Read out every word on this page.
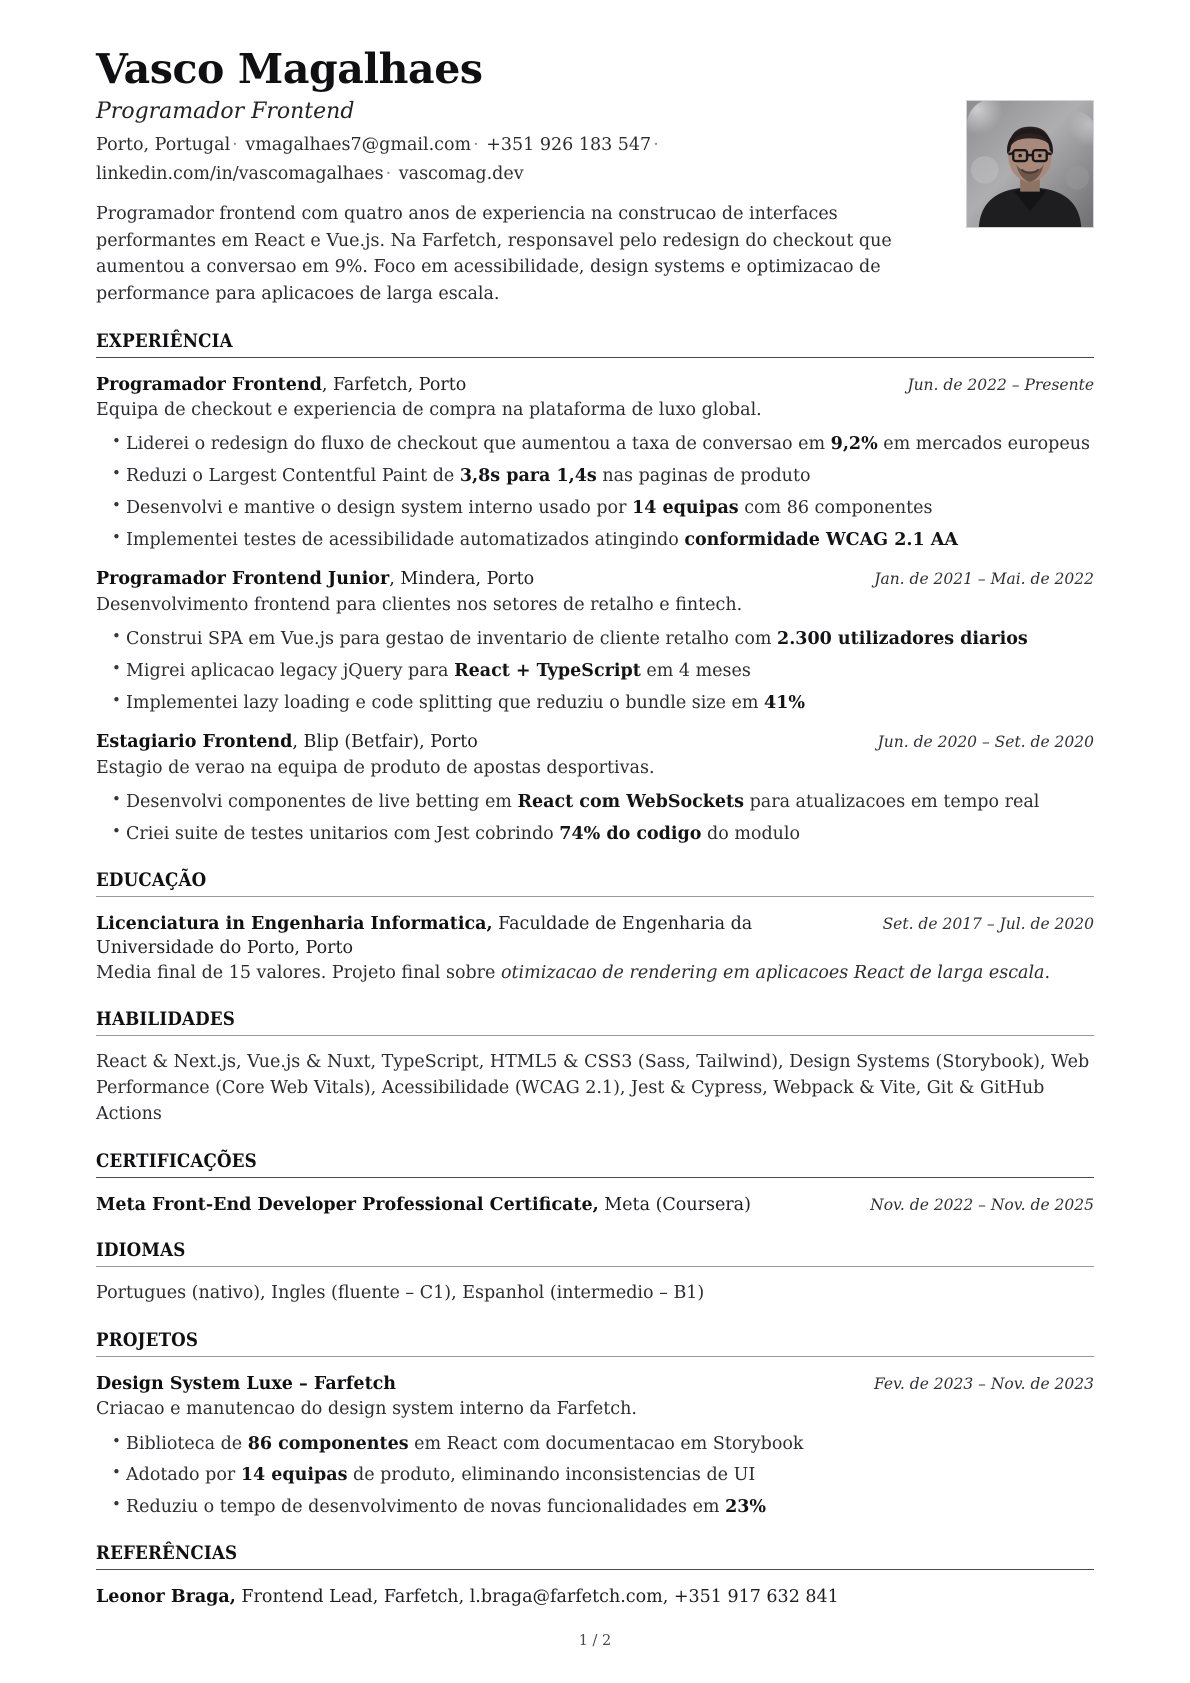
Vasco Magalhaes
Programador Frontend
Porto, Portugal · vmagalhaes7@gmail.com · +351 926 183 547 · linkedin.com/in/vascomagalhaes · vascomag.dev
Programador frontend com quatro anos de experiencia na construcao de interfaces performantes em React e Vue.js. Na Farfetch, responsavel pelo redesign do checkout que aumentou a conversao em 9%. Foco em acessibilidade, design systems e optimizacao de performance para aplicacoes de larga escala.
EXPERIÊNCIA
Programador Frontend, Farfetch, Porto	Jun. de 2022 – Presente
Equipa de checkout e experiencia de compra na plataforma de luxo global.
• Liderei o redesign do fluxo de checkout que aumentou a taxa de conversao em 9,2% em mercados europeus
• Reduzi o Largest Contentful Paint de 3,8s para 1,4s nas paginas de produto
• Desenvolvi e mantive o design system interno usado por 14 equipas com 86 componentes
• Implementei testes de acessibilidade automatizados atingindo conformidade WCAG 2.1 AA
Programador Frontend Junior, Mindera, Porto	Jan. de 2021 – Mai. de 2022
Desenvolvimento frontend para clientes nos setores de retalho e fintech.
• Construi SPA em Vue.js para gestao de inventario de cliente retalho com 2.300 utilizadores diarios
• Migrei aplicacao legacy jQuery para React + TypeScript em 4 meses
• Implementei lazy loading e code splitting que reduziu o bundle size em 41%
Estagiario Frontend, Blip (Betfair), Porto	Jun. de 2020 – Set. de 2020
Estagio de verao na equipa de produto de apostas desportivas.
• Desenvolvi componentes de live betting em React com WebSockets para atualizacoes em tempo real
• Criei suite de testes unitarios com Jest cobrindo 74% do codigo do modulo
EDUCAÇÃO
Licenciatura in Engenharia Informatica, Faculdade de Engenharia da Universidade do Porto, Porto
Set. de 2017 – Jul. de 2020
Media final de 15 valores. Projeto final sobre otimizacao de rendering em aplicacoes React de larga escala.
HABILIDADES
React & Next.js, Vue.js & Nuxt, TypeScript, HTML5 & CSS3 (Sass, Tailwind), Design Systems (Storybook), Web Performance (Core Web Vitals), Acessibilidade (WCAG 2.1), Jest & Cypress, Webpack & Vite, Git & GitHub Actions
CERTIFICAÇÕES
Meta Front-End Developer Professional Certificate, Meta (Coursera)	Nov. de 2022 – Nov. de 2025
IDIOMAS
Portugues (nativo), Ingles (fluente – C1), Espanhol (intermedio – B1)
PROJETOS
Design System Luxe – Farfetch	Fev. de 2023 – Nov. de 2023
Criacao e manutencao do design system interno da Farfetch.
• Biblioteca de 86 componentes em React com documentacao em Storybook
• Adotado por 14 equipas de produto, eliminando inconsistencias de UI
• Reduziu o tempo de desenvolvimento de novas funcionalidades em 23%
REFERÊNCIAS
Leonor Braga, Frontend Lead, Farfetch, l.braga@farfetch.com, +351 917 632 841
1 / 2
